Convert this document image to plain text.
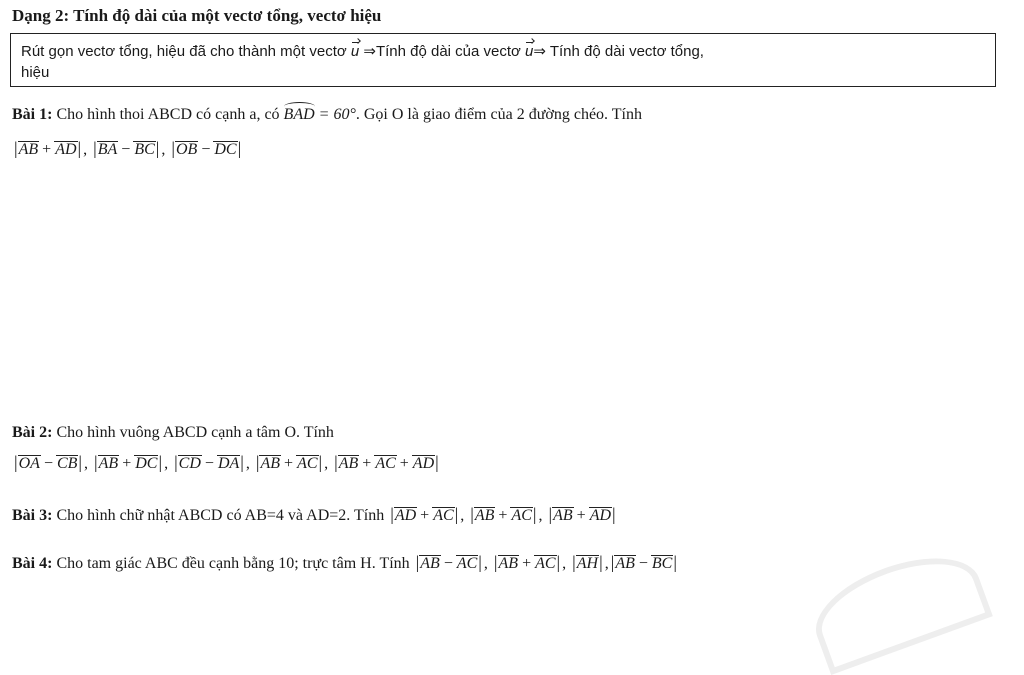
Dạng 2: Tính độ dài của một vectơ tổng, vectơ hiệu
Rút gọn vectơ tổng, hiệu đã cho thành một vectơ u ⇒Tính độ dài của vectơ u⇒ Tính độ dài vectơ tổng,
hiệu
Bài 1: Cho hình thoi ABCD có cạnh a, có BAD = 60°. Gọi O là giao điểm của 2 đường chéo. Tính
| AB + AD | , | BA − BC | , | OB − DC |
Bài 2: Cho hình vuông ABCD cạnh a tâm O. Tính
| OA − CB | , | AB + DC | , | CD − DA | , | AB + AC | , | AB + AC + AD |
Bài 3: Cho hình chữ nhật ABCD có AB=4 và AD=2. Tính | AD + AC | , | AB + AC | , | AB + AD |
Bài 4: Cho tam giác ABC đều cạnh bằng 10; trực tâm H. Tính | AB − AC | , | AB + AC | , | AH | ,| AB − BC |
